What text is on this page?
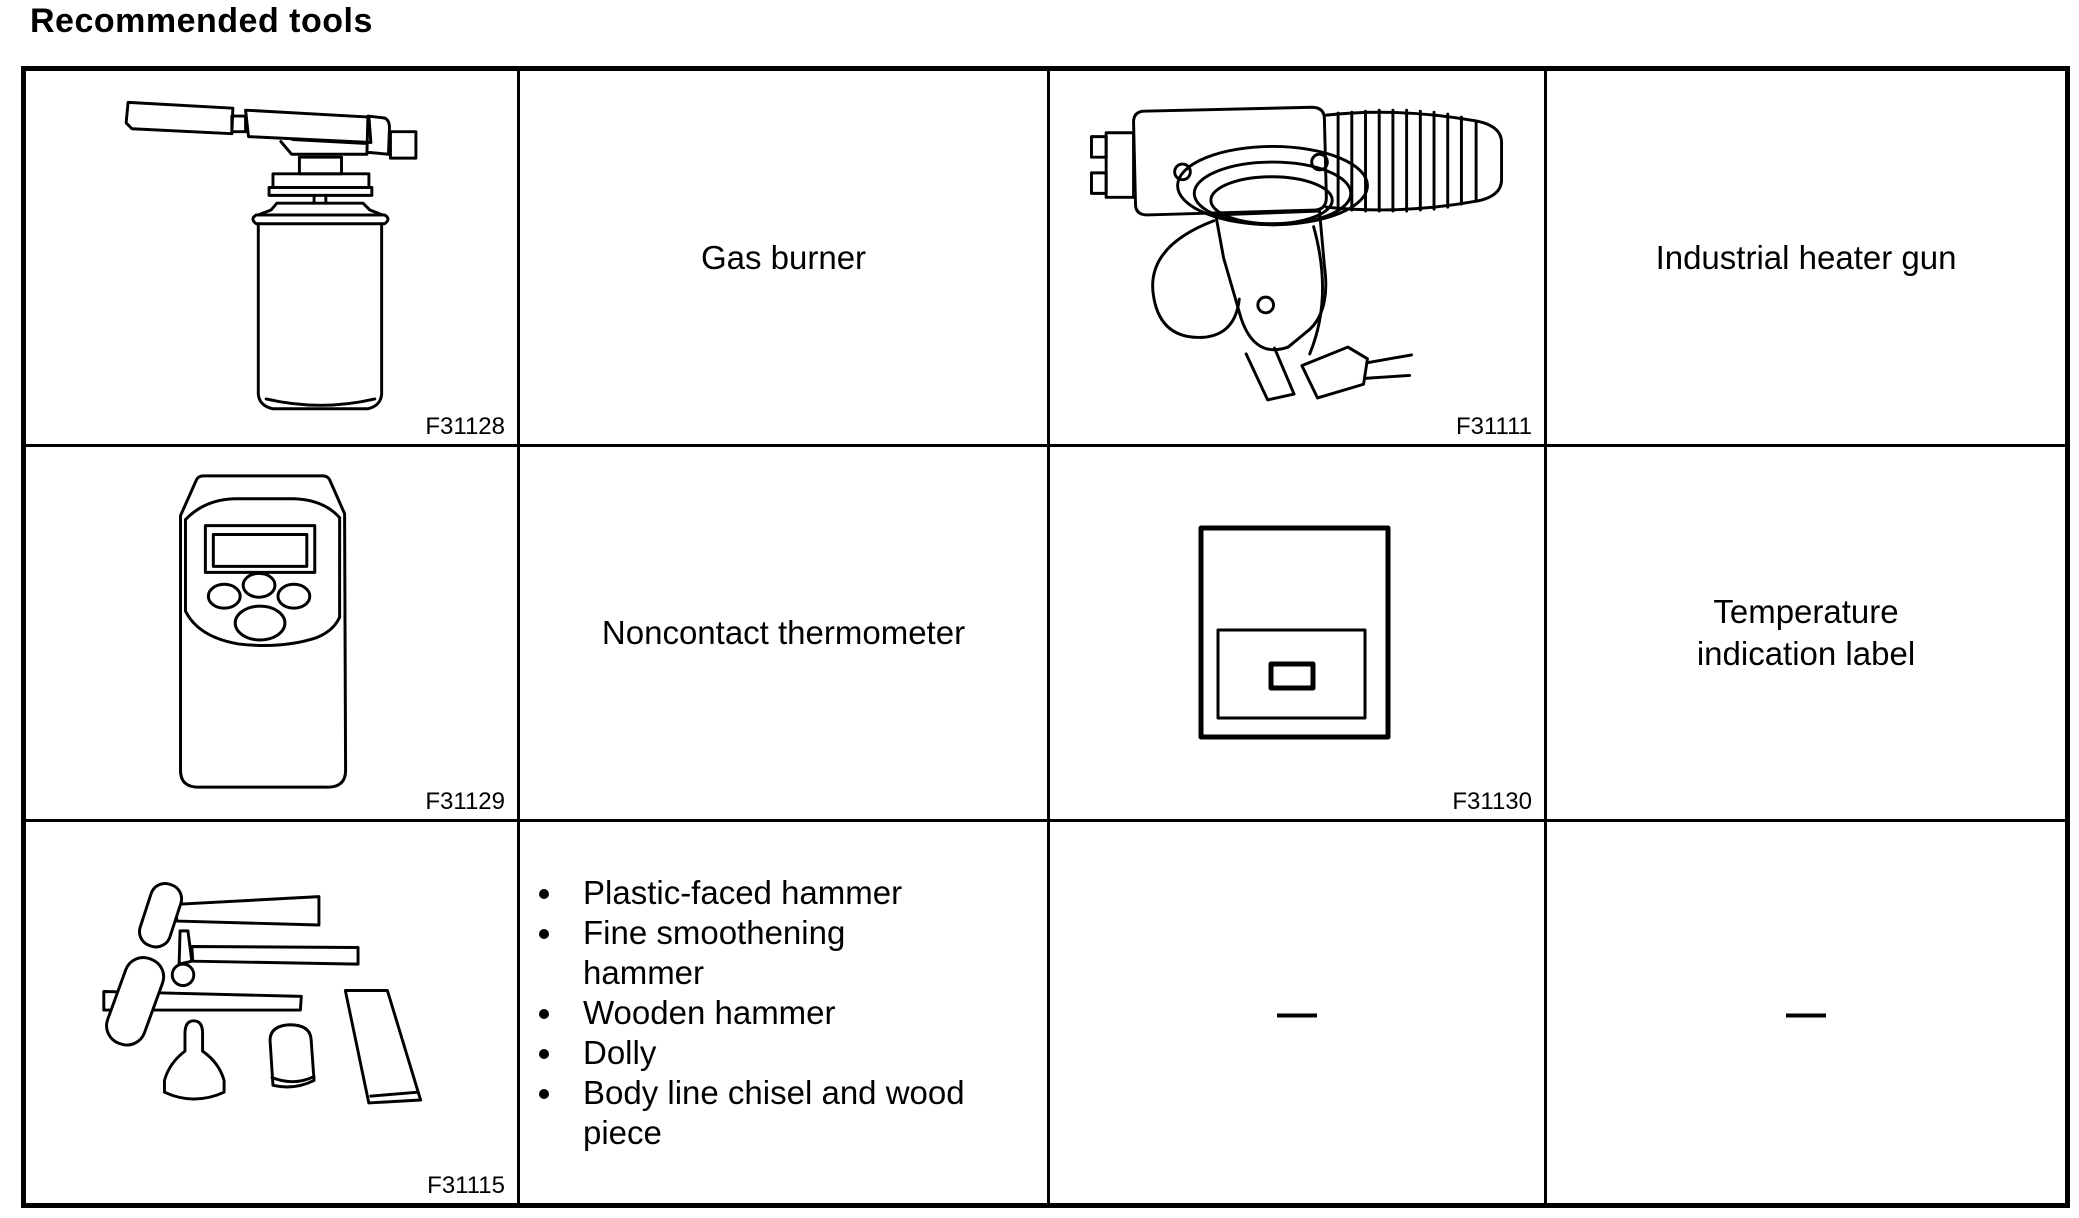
Recommended tools
F31128
Gas burner
F31111
Industrial heater gun
F31129
Noncontact thermometer
F31130
Temperature indication label
F31115
Plastic-faced hammer
Fine smoothening hammer
Wooden hammer
Dolly
Body line chisel and wood piece
—	—
